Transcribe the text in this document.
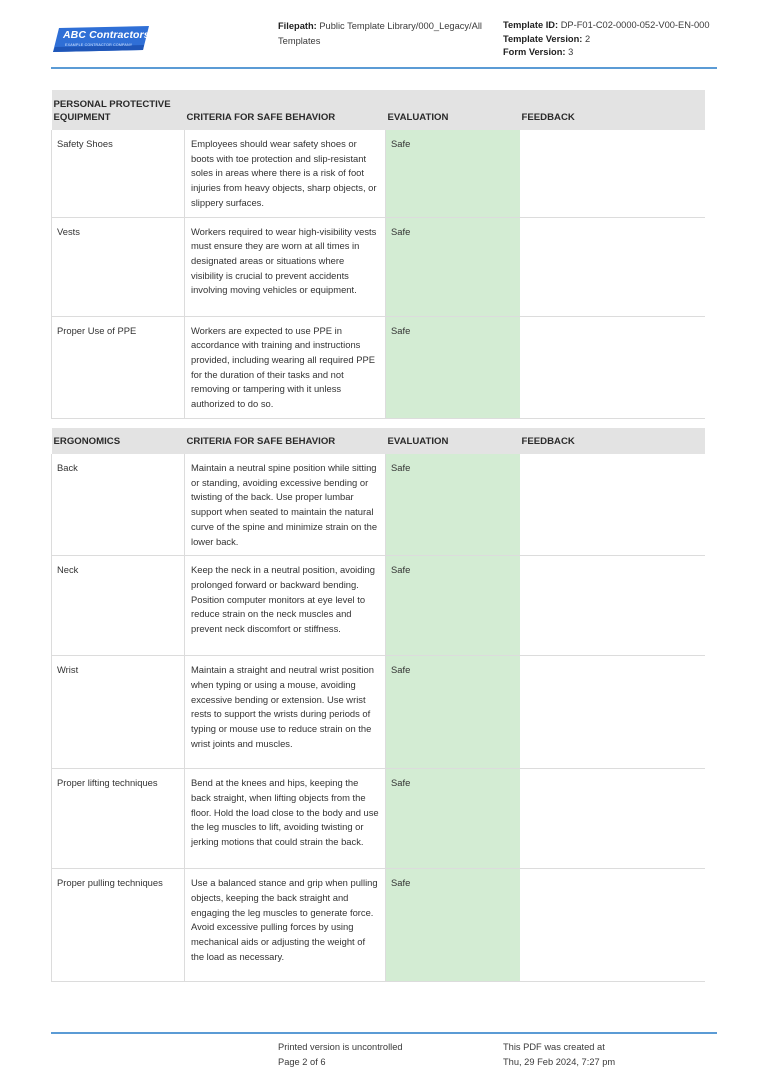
ABC Contractors
EXAMPLE CONTRACTOR COMPANY
Filepath: Public Template Library/000_Legacy/All Templates
Template ID: DP-F01-C02-0000-052-V00-EN-000
Template Version: 2
Form Version: 3
PERSONAL PROTECTIVE EQUIPMENT	CRITERIA FOR SAFE BEHAVIOR	EVALUATION	FEEDBACK
Safety Shoes	Employees should wear safety shoes or boots with toe protection and slip-resistant soles in areas where there is a risk of foot injuries from heavy objects, sharp objects, or slippery surfaces.	Safe	
Vests	Workers required to wear high-visibility vests must ensure they are worn at all times in designated areas or situations where visibility is crucial to prevent accidents involving moving vehicles or equipment.	Safe	
Proper Use of PPE	Workers are expected to use PPE in accordance with training and instructions provided, including wearing all required PPE for the duration of their tasks and not removing or tampering with it unless authorized to do so.	Safe	
ERGONOMICS	CRITERIA FOR SAFE BEHAVIOR	EVALUATION	FEEDBACK
Back	Maintain a neutral spine position while sitting or standing, avoiding excessive bending or twisting of the back. Use proper lumbar support when seated to maintain the natural curve of the spine and minimize strain on the lower back.	Safe	
Neck	Keep the neck in a neutral position, avoiding prolonged forward or backward bending. Position computer monitors at eye level to reduce strain on the neck muscles and prevent neck discomfort or stiffness.	Safe	
Wrist	Maintain a straight and neutral wrist position when typing or using a mouse, avoiding excessive bending or extension. Use wrist rests to support the wrists during periods of typing or mouse use to reduce strain on the wrist joints and muscles.	Safe	
Proper lifting techniques	Bend at the knees and hips, keeping the back straight, when lifting objects from the floor. Hold the load close to the body and use the leg muscles to lift, avoiding twisting or jerking motions that could strain the back.	Safe	
Proper pulling techniques	Use a balanced stance and grip when pulling objects, keeping the back straight and engaging the leg muscles to generate force. Avoid excessive pulling forces by using mechanical aids or adjusting the weight of the load as necessary.	Safe	
Printed version is uncontrolled
Page 2 of 6
This PDF was created at
Thu, 29 Feb 2024, 7:27 pm
